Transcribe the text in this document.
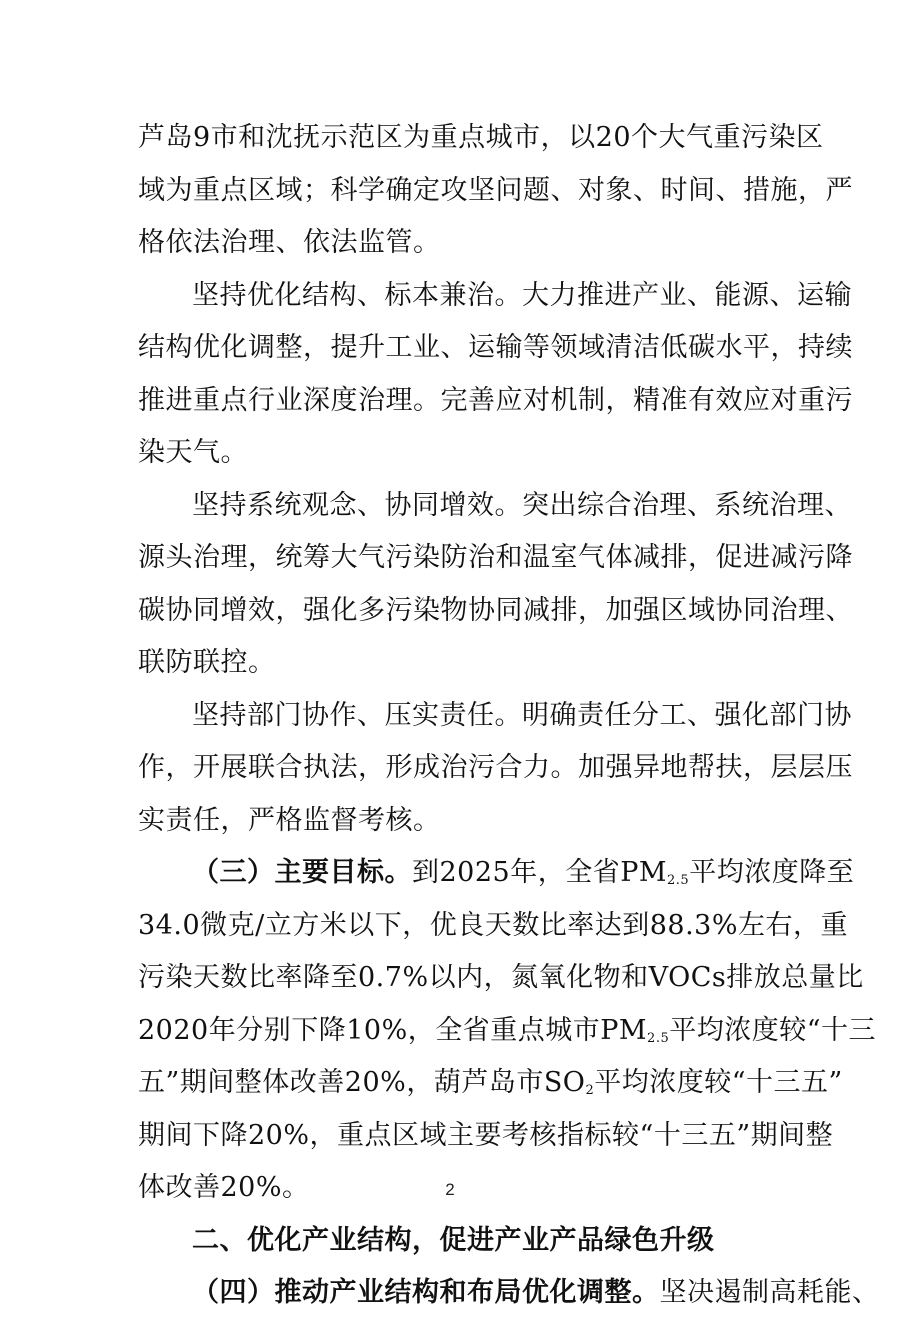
芦岛9市和沈抚示范区为重点城市，以20个大气重污染区
域为重点区域；科学确定攻坚问题、对象、时间、措施，严
格依法治理、依法监管。
坚持优化结构、标本兼治。大力推进产业、能源、运输
结构优化调整，提升工业、运输等领域清洁低碳水平，持续
推进重点行业深度治理。完善应对机制，精准有效应对重污
染天气。
坚持系统观念、协同增效。突出综合治理、系统治理、
源头治理，统筹大气污染防治和温室气体减排，促进减污降
碳协同增效，强化多污染物协同减排，加强区域协同治理、
联防联控。
坚持部门协作、压实责任。明确责任分工、强化部门协
作，开展联合执法，形成治污合力。加强异地帮扶，层层压
实责任，严格监督考核。
（三）主要目标。到2025年，全省$PM_{2.5}$平均浓度降至
34.0微克/立方米以下，优良天数比率达到88.3%左右，重
污染天数比率降至0.7%以内，氮氧化物和VOCs排放总量比
2020年分别下降10%，全省重点城市$PM_{2.5}$平均浓度较“十三
五”期间整体改善20%，葫芦岛市$SO_2$平均浓度较“十三五”
期间下降20%，重点区域主要考核指标较“十三五”期间整
体改善20%。
二、优化产业结构，促进产业产品绿色升级
（四）推动产业结构和布局优化调整。坚决遏制高耗能、
2
